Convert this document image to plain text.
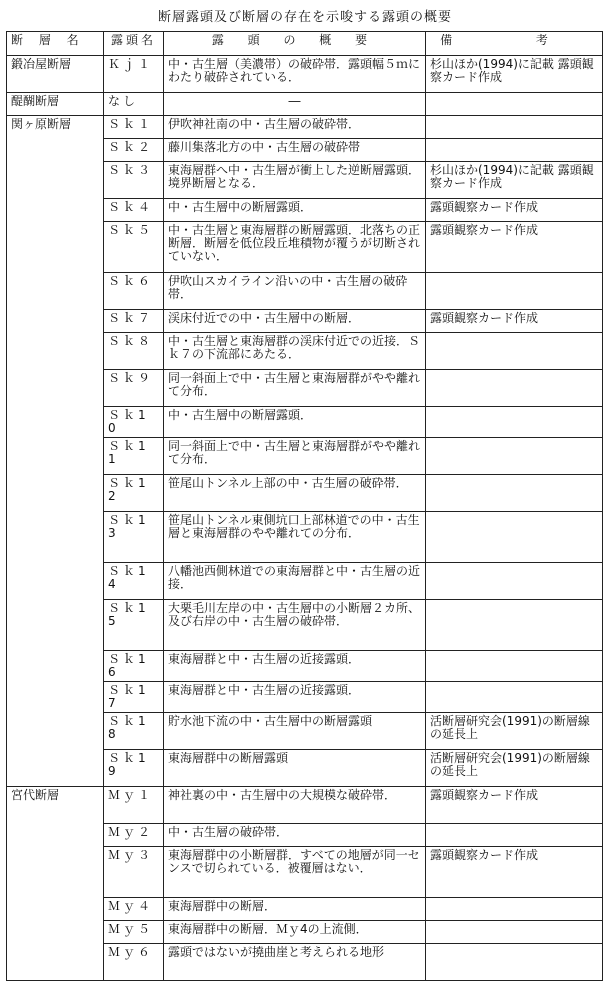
断層露頭及び断層の存在を示唆する露頭の概要
断 層 名	露頭名	露 頭 の 概 要	備 考
鍛冶屋断層	Ｋｊ１	中・古生層（美濃帯）の破砕帯．露頭幅５ｍにわたり破砕されている．	杉山ほか(1994)に記載 露頭観察カード作成
醍醐断層	なし	―	
関ヶ原断層	Ｓｋ１	伊吹神社南の中・古生層の破砕帯．	
	Ｓｋ２	藤川集落北方の中・古生層の破砕帯	
	Ｓｋ３	東海層群へ中・古生層が衝上した逆断層露頭．境界断層となる．	杉山ほか(1994)に記載 露頭観察カード作成
	Ｓｋ４	中・古生層中の断層露頭．	露頭観察カード作成
	Ｓｋ５	中・古生層と東海層群の断層露頭．北落ちの正断層．断層を低位段丘堆積物が覆うが切断されていない．	露頭観察カード作成
	Ｓｋ６	伊吹山スカイライン沿いの中・古生層の破砕帯．	
	Ｓｋ７	渓床付近での中・古生層中の断層．	露頭観察カード作成
	Ｓｋ８	中・古生層と東海層群の渓床付近での近接．Ｓｋ７の下流部にあたる．	
	Ｓｋ９	同一斜面上で中・古生層と東海層群がやや離れて分布．	
	Ｓｋ10	中・古生層中の断層露頭．	
	Ｓｋ11	同一斜面上で中・古生層と東海層群がやや離れて分布．	
	Ｓｋ12	笹尾山トンネル上部の中・古生層の破砕帯．	
	Ｓｋ13	笹尾山トンネル東側坑口上部林道での中・古生層と東海層群のやや離れての分布．	
	Ｓｋ14	八幡池西側林道での東海層群と中・古生層の近接．	
	Ｓｋ15	大栗毛川左岸の中・古生層中の小断層２カ所、及び右岸の中・古生層の破砕帯．	
	Ｓｋ16	東海層群と中・古生層の近接露頭．	
	Ｓｋ17	東海層群と中・古生層の近接露頭．	
	Ｓｋ18	貯水池下流の中・古生層中の断層露頭	活断層研究会(1991)の断層線の延長上
	Ｓｋ19	東海層群中の断層露頭	活断層研究会(1991)の断層線の延長上
宮代断層	Ｍｙ１	神社裏の中・古生層中の大規模な破砕帯．	露頭観察カード作成
	Ｍｙ２	中・古生層の破砕帯．	
	Ｍｙ３	東海層群中の小断層群．すべての地層が同一センスで切られている．被覆層はない．	露頭観察カード作成
	Ｍｙ４	東海層群中の断層．	
	Ｍｙ５	東海層群中の断層．Ｍｙ4の上流側．	
	Ｍｙ６	露頭ではないが撓曲崖と考えられる地形	
